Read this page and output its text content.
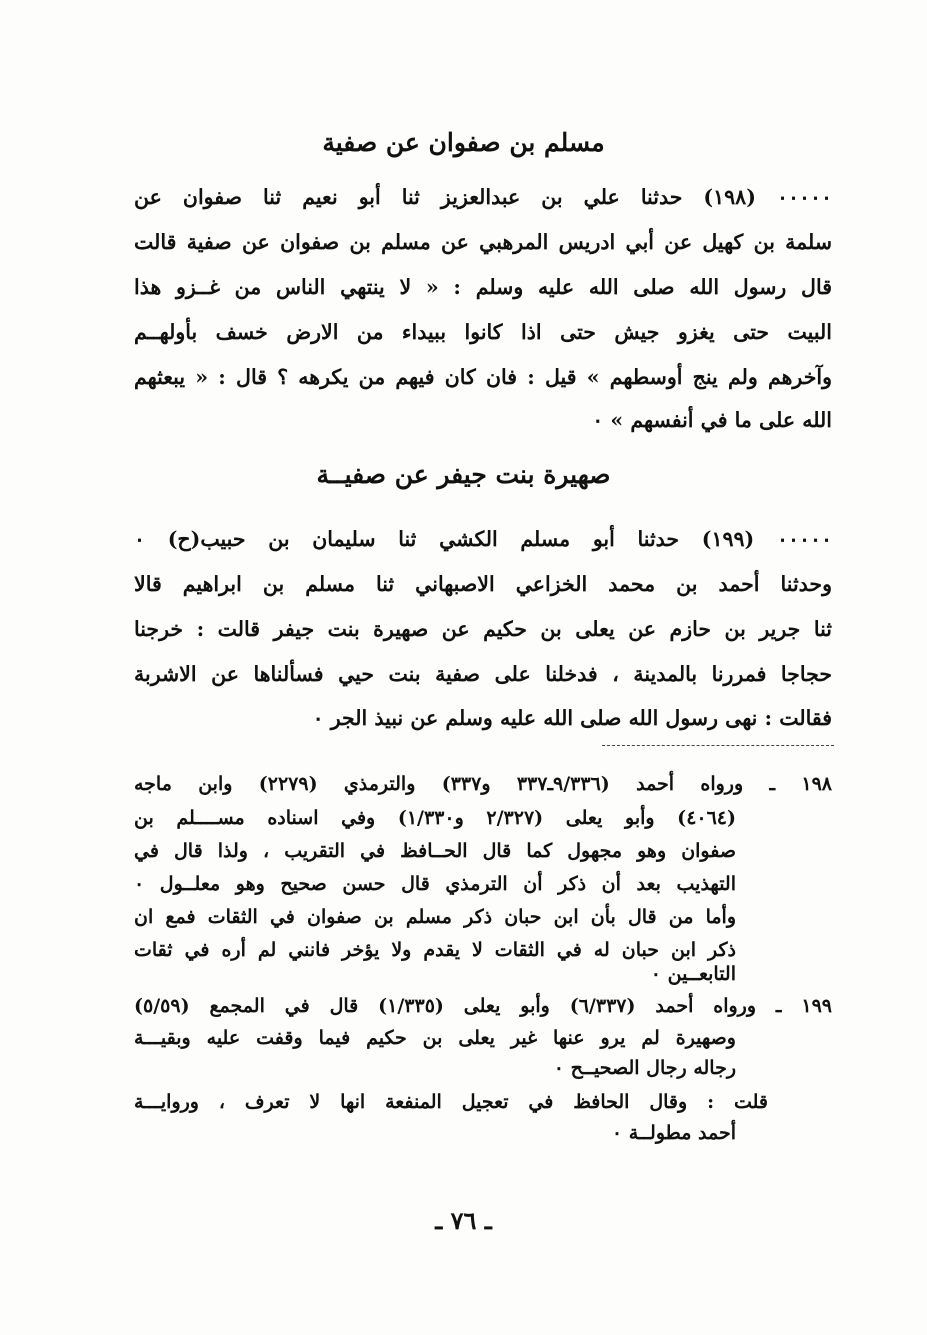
مسلم بن صفوان عن صفية
٠٠٠٠٠ (١٩٨) حدثنا علي بن عبدالعزيز ثنا أبو نعيم ثنا صفوان عن
سلمة بن كهيل عن أبي ادريس المرهبي عن مسلم بن صفوان عن صفية قالت
قال رسول الله صلى الله عليه وسلم : « لا ينتهي الناس من غــزو هذا
البيت حتى يغزو جيش حتى اذا كانوا ببيداء من الارض خسف بأولهــم
وآخرهم ولم ينج أوسطهم » قيل : فان كان فيهم من يكرهه ؟ قال : « يبعثهم
الله على ما في أنفسهم » ٠
صهيرة بنت جيفر عن صفيــة
٠٠٠٠٠ (١٩٩) حدثنا أبو مسلم الكشي ثنا سليمان بن حبيب(ح) ٠
وحدثنا أحمد بن محمد الخزاعي الاصبهاني ثنا مسلم بن ابراهيم قالا
ثنا جرير بن حازم عن يعلى بن حكيم عن صهيرة بنت جيفر قالت : خرجنا
حجاجا فمررنا بالمدينة ، فدخلنا على صفية بنت حيي فسألناها عن الاشربة
فقالت : نهى رسول الله صلى الله عليه وسلم عن نبيذ الجر ٠
١٩٨ ـ ورواه أحمد (٩/٣٣٦ـ٣٣٧ و٣٣٧) والترمذي (٢٢٧٩) وابن ماجه
(٤٠٦٤) وأبو يعلى (٢/٣٢٧ و١/٣٣٠) وفي اسناده مســــلم بن
صفوان وهو مجهول كما قال الحــافظ في التقريب ، ولذا قال في
التهذيب بعد أن ذكر أن الترمذي قال حسن صحيح وهو معلــول ٠
وأما من قال بأن ابن حبان ذكر مسلم بن صفوان في الثقات فمع ان
ذكر ابن حبان له في الثقات لا يقدم ولا يؤخر فانني لم أره في ثقات
التابعــين ٠
١٩٩ ـ ورواه أحمد (٦/٣٣٧) وأبو يعلى (١/٣٣٥) قال في المجمع (٥/٥٩)
وصهيرة لم يرو عنها غير يعلى بن حكيم فيما وقفت عليه وبقيـــة
رجاله رجال الصحيــح ٠
قلت : وقال الحافظ في تعجيل المنفعة انها لا تعرف ، وروايـــة
أحمد مطولــة ٠
ـ ٧٦ ـ
